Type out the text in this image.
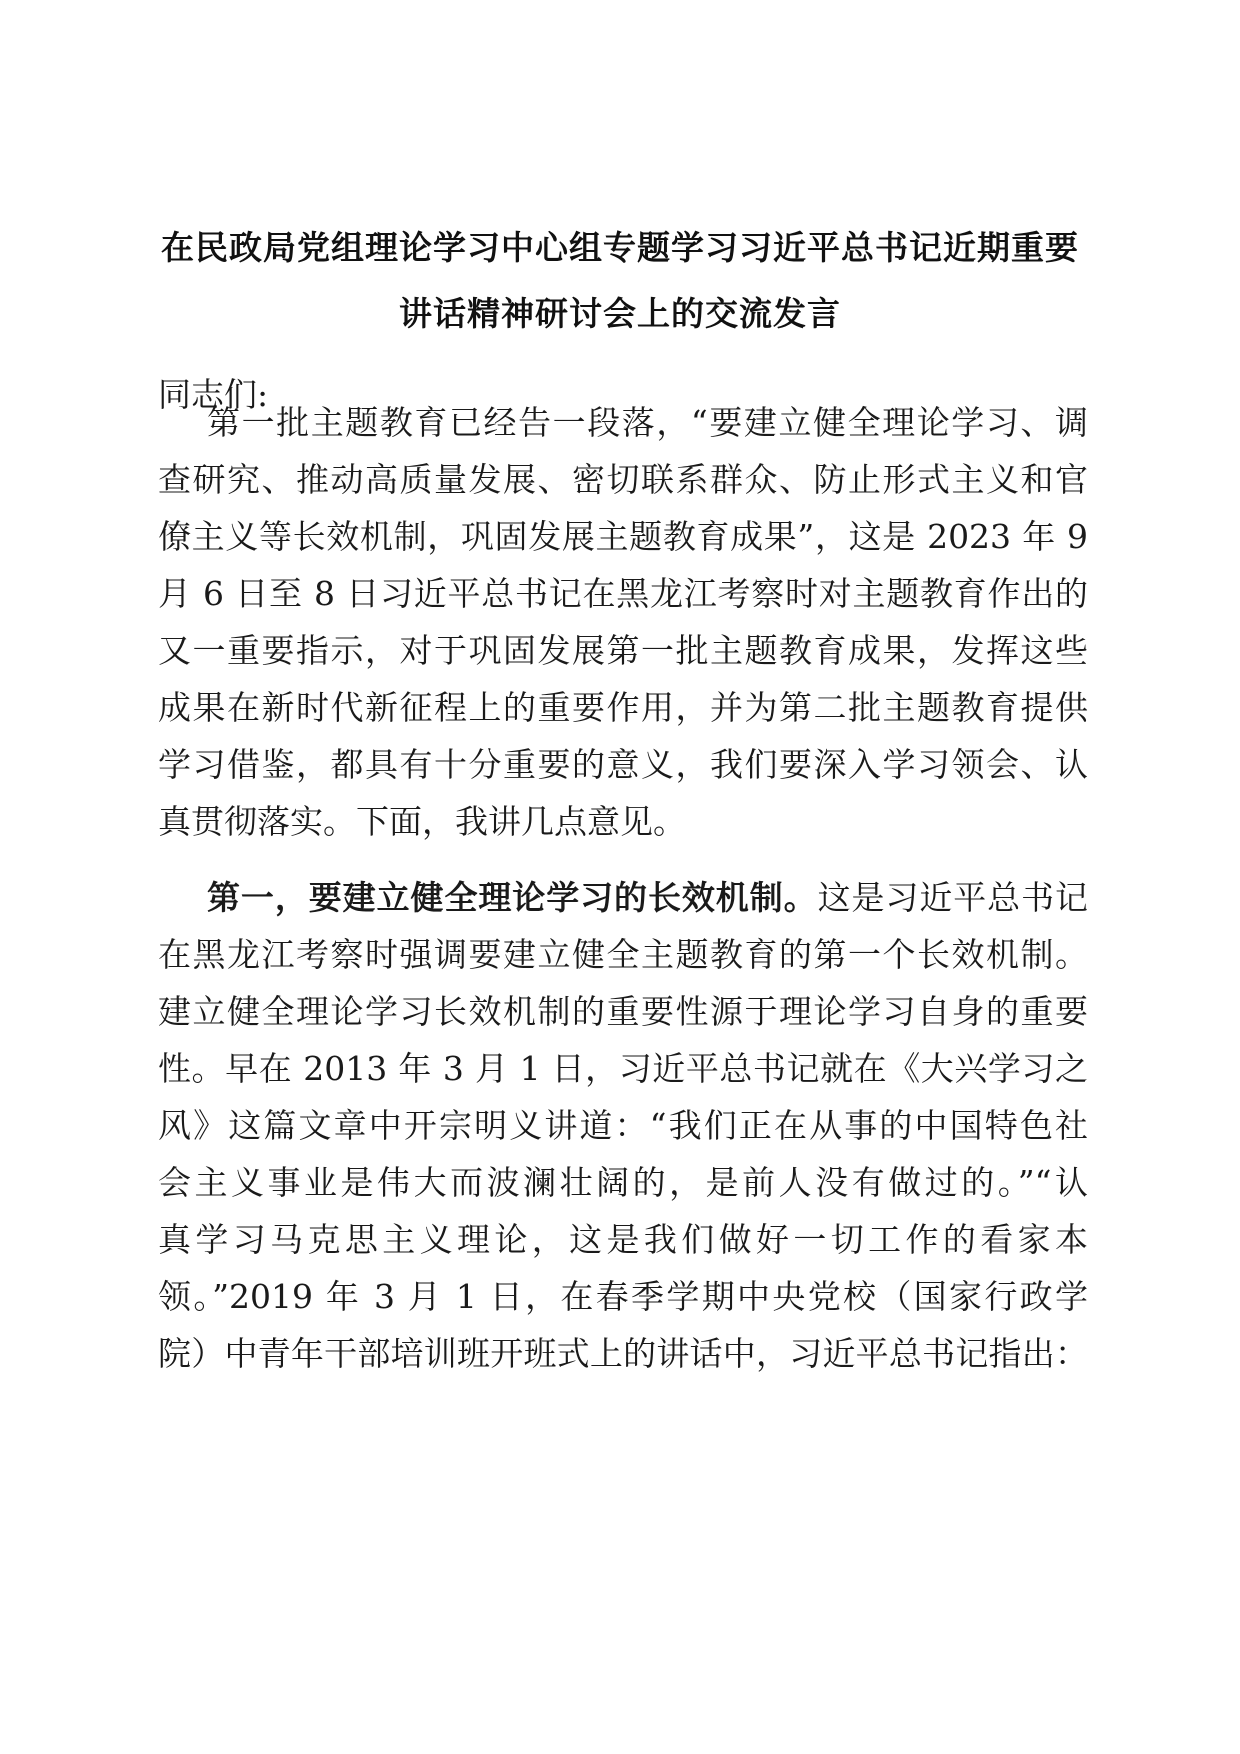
在民政局党组理论学习中心组专题学习习近平总书记近期重要
讲话精神研讨会上的交流发言
同志们:
第一批主题教育已经告一段落，“要建立健全理论学习、调
查研究、推动高质量发展、密切联系群众、防止形式主义和官
僚主义等长效机制，巩固发展主题教育成果”，这是 2023 年 9
月 6 日至 8 日习近平总书记在黑龙江考察时对主题教育作出的
又一重要指示，对于巩固发展第一批主题教育成果，发挥这些
成果在新时代新征程上的重要作用，并为第二批主题教育提供
学习借鉴，都具有十分重要的意义，我们要深入学习领会、认
真贯彻落实。下面，我讲几点意见。
第一，要建立健全理论学习的长效机制。这是习近平总书记
在黑龙江考察时强调要建立健全主题教育的第一个长效机制。
建立健全理论学习长效机制的重要性源于理论学习自身的重要
性。早在 2013 年 3 月 1 日，习近平总书记就在《大兴学习之
风》这篇文章中开宗明义讲道：“我们正在从事的中国特色社
会主义事业是伟大而波澜壮阔的，是前人没有做过的。”“认
真学习马克思主义理论，这是我们做好一切工作的看家本
领。”2019 年 3 月 1 日，在春季学期中央党校（国家行政学
院）中青年干部培训班开班式上的讲话中，习近平总书记指出：
